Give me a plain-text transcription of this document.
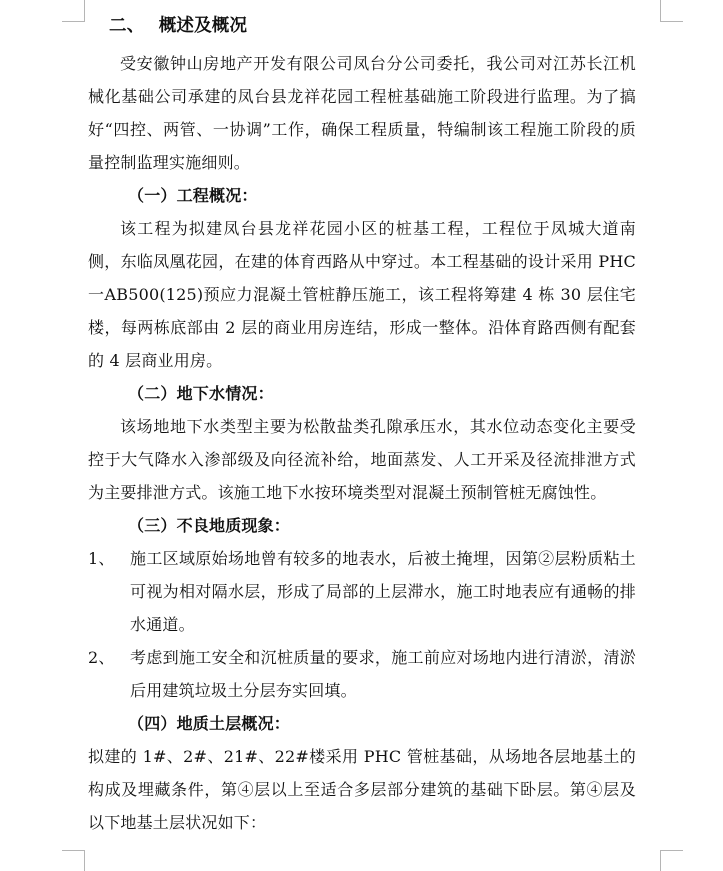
二、 概述及概况

受安徽钟山房地产开发有限公司凤台分公司委托，我公司对江苏长江机械化基础公司承建的凤台县龙祥花园工程桩基础施工阶段进行监理。为了搞好“四控、两管、一协调”工作，确保工程质量，特编制该工程施工阶段的质量控制监理实施细则。

（一）工程概况：

该工程为拟建凤台县龙祥花园小区的桩基工程，工程位于凤城大道南侧，东临凤凰花园，在建的体育西路从中穿过。本工程基础的设计采用 PHC一AB500(125)预应力混凝土管桩静压施工，该工程将筹建 4 栋 30 层住宅楼，每两栋底部由 2 层的商业用房连结，形成一整体。沿体育路西侧有配套的 4 层商业用房。

（二）地下水情况：

该场地地下水类型主要为松散盐类孔隙承压水，其水位动态变化主要受控于大气降水入渗部级及向径流补给，地面蒸发、人工开采及径流排泄方式为主要排泄方式。该施工地下水按环境类型对混凝土预制管桩无腐蚀性。

（三）不良地质现象：
1、 施工区域原始场地曾有较多的地表水，后被土掩埋，因第②层粉质粘土可视为相对隔水层，形成了局部的上层滞水，施工时地表应有通畅的排水通道。
2、 考虑到施工安全和沉桩质量的要求，施工前应对场地内进行清淤，清淤后用建筑垃圾土分层夯实回填。
（四）地质土层概况：

拟建的 1#、2#、21#、22#楼采用 PHC 管桩基础，从场地各层地基土的构成及埋藏条件，第④层以上至适合多层部分建筑的基础下卧层。第④层及以下地基土层状况如下：
